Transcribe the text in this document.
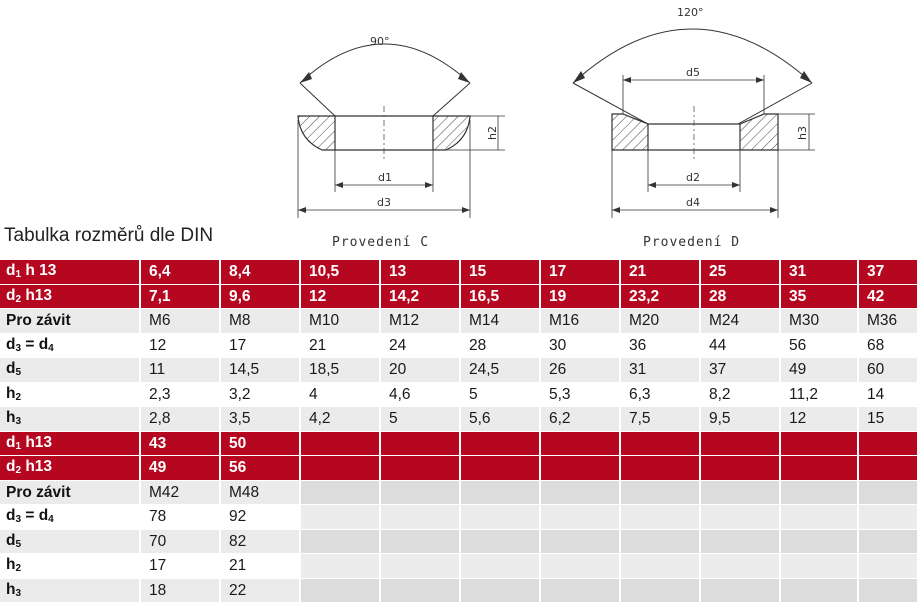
90°
h2
d1
d3
Provedení C
120°
d5
h3
d2
d4
Provedení D
Tabulka rozměrů dle DIN
$d_1$ h 13	6,4	8,4	10,5	13	15	17	21	25	31	37
$d_2$ h13	7,1	9,6	12	14,2	16,5	19	23,2	28	35	42
Pro závit	M6	M8	M10	M12	M14	M16	M20	M24	M30	M36
$d_3 = d_4$	12	17	21	24	28	30	36	44	56	68
$d_5$	11	14,5	18,5	20	24,5	26	31	37	49	60
$h_2$	2,3	3,2	4	4,6	5	5,3	6,3	8,2	11,2	14
$h_3$	2,8	3,5	4,2	5	5,6	6,2	7,5	9,5	12	15
$d_1$ h13	43	50								
$d_2$ h13	49	56								
Pro závit	M42	M48								
$d_3 = d_4$	78	92								
$d_5$	70	82								
$h_2$	17	21								
$h_3$	18	22								
